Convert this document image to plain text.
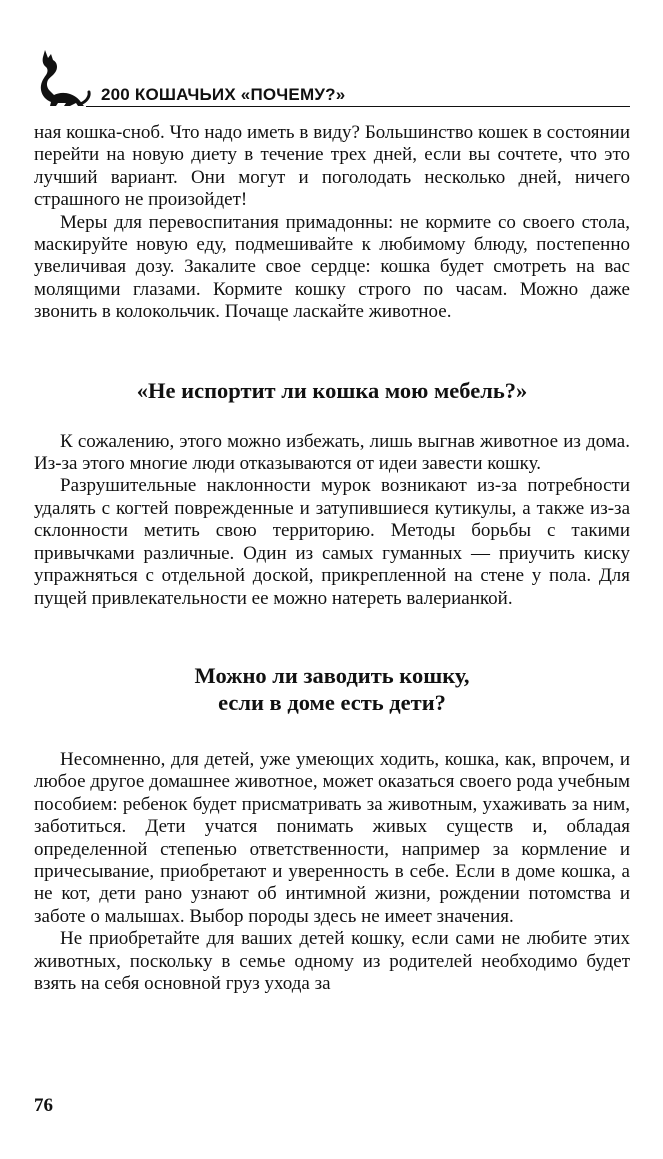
200 КОШАЧЬИХ «ПОЧЕМУ?»

ная кошка-сноб. Что надо иметь в виду? Большинство кошек в состоянии перейти на новую диету в течение трех дней, если вы сочтете, что это лучший вариант. Они могут и поголодать несколько дней, ничего страшного не произойдет!

Меры для перевоспитания примадонны: не кормите со своего стола, маскируйте новую еду, подмешивайте к любимому блюду, постепенно увеличивая дозу. Закалите свое сердце: кошка будет смотреть на вас молящими глазами. Кормите кошку строго по часам. Можно даже звонить в колокольчик. Почаще ласкайте животное.

«Не испортит ли кошка мою мебель?»

К сожалению, этого можно избежать, лишь выгнав животное из дома. Из-за этого многие люди отказываются от идеи завести кошку.

Разрушительные наклонности мурок возникают из-за потребности удалять с когтей поврежденные и затупившиеся кутикулы, а также из-за склонности метить свою территорию. Методы борьбы с такими привычками различные. Один из самых гуманных — приучить киску упражняться с отдельной доской, прикрепленной на стене у пола. Для пущей привлекательности ее можно натереть валерианкой.

Можно ли заводить кошку,
если в доме есть дети?

Несомненно, для детей, уже умеющих ходить, кошка, как, впрочем, и любое другое домашнее животное, может оказаться своего рода учебным пособием: ребенок будет присматривать за животным, ухаживать за ним, заботиться. Дети учатся понимать живых существ и, обладая определенной степенью ответственности, например за кормление и причесывание, приобретают и уверенность в себе. Если в доме кошка, а не кот, дети рано узнают об интимной жизни, рождении потомства и заботе о малышах. Выбор породы здесь не имеет значения.

Не приобретайте для ваших детей кошку, если сами не любите этих животных, поскольку в семье одному из родителей необходимо будет взять на себя основной груз ухода за

76
